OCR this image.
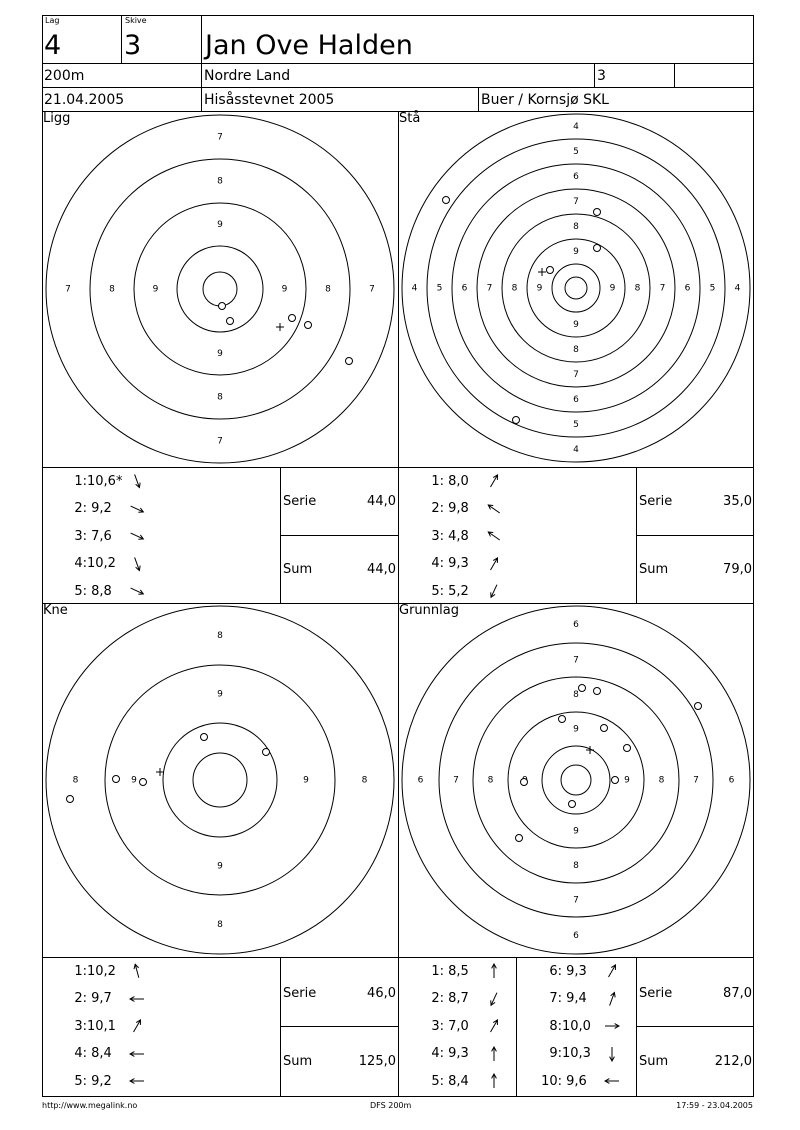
Lag
4
Skive
3 Jan Ove Halden
200m	Nordre Land	3
21.04.2005	Hisåsstevnet 2005	Buer / Kornsjø SKL
Ligg	Stå
Kne	Grunnlag
7
7
7	7
8
8
8	8
9
9
9	9
4
4
4	4
5
5
5	5
6
6
6	6
7
7
7	7
8
8
8	8
9
9
9	9
8
8
8	8
9
9
9	9
6
6
6	6
7
7
7	7
8
8
8	8
9
9
9
1:10,6*
2: 9,2
3: 7,6
4:10,2
5: 8,8
1: 8,0
2: 9,8
3: 4,8
4: 9,3
5: 5,2
1:10,2
2: 9,7
3:10,1
4: 8,4
5: 9,2
1: 8,5
2: 8,7
3: 7,0
4: 9,3
5: 8,4
6: 9,3
7: 9,4
8:10,0
9:10,3
10: 9,6
Serie	44,0
Sum	44,0
Serie	35,0
Sum	79,0
Serie	46,0
Sum	125,0
Serie	87,0
Sum	212,0
http://www.megalink.no	DFS 200m	17:59 - 23.04.2005
